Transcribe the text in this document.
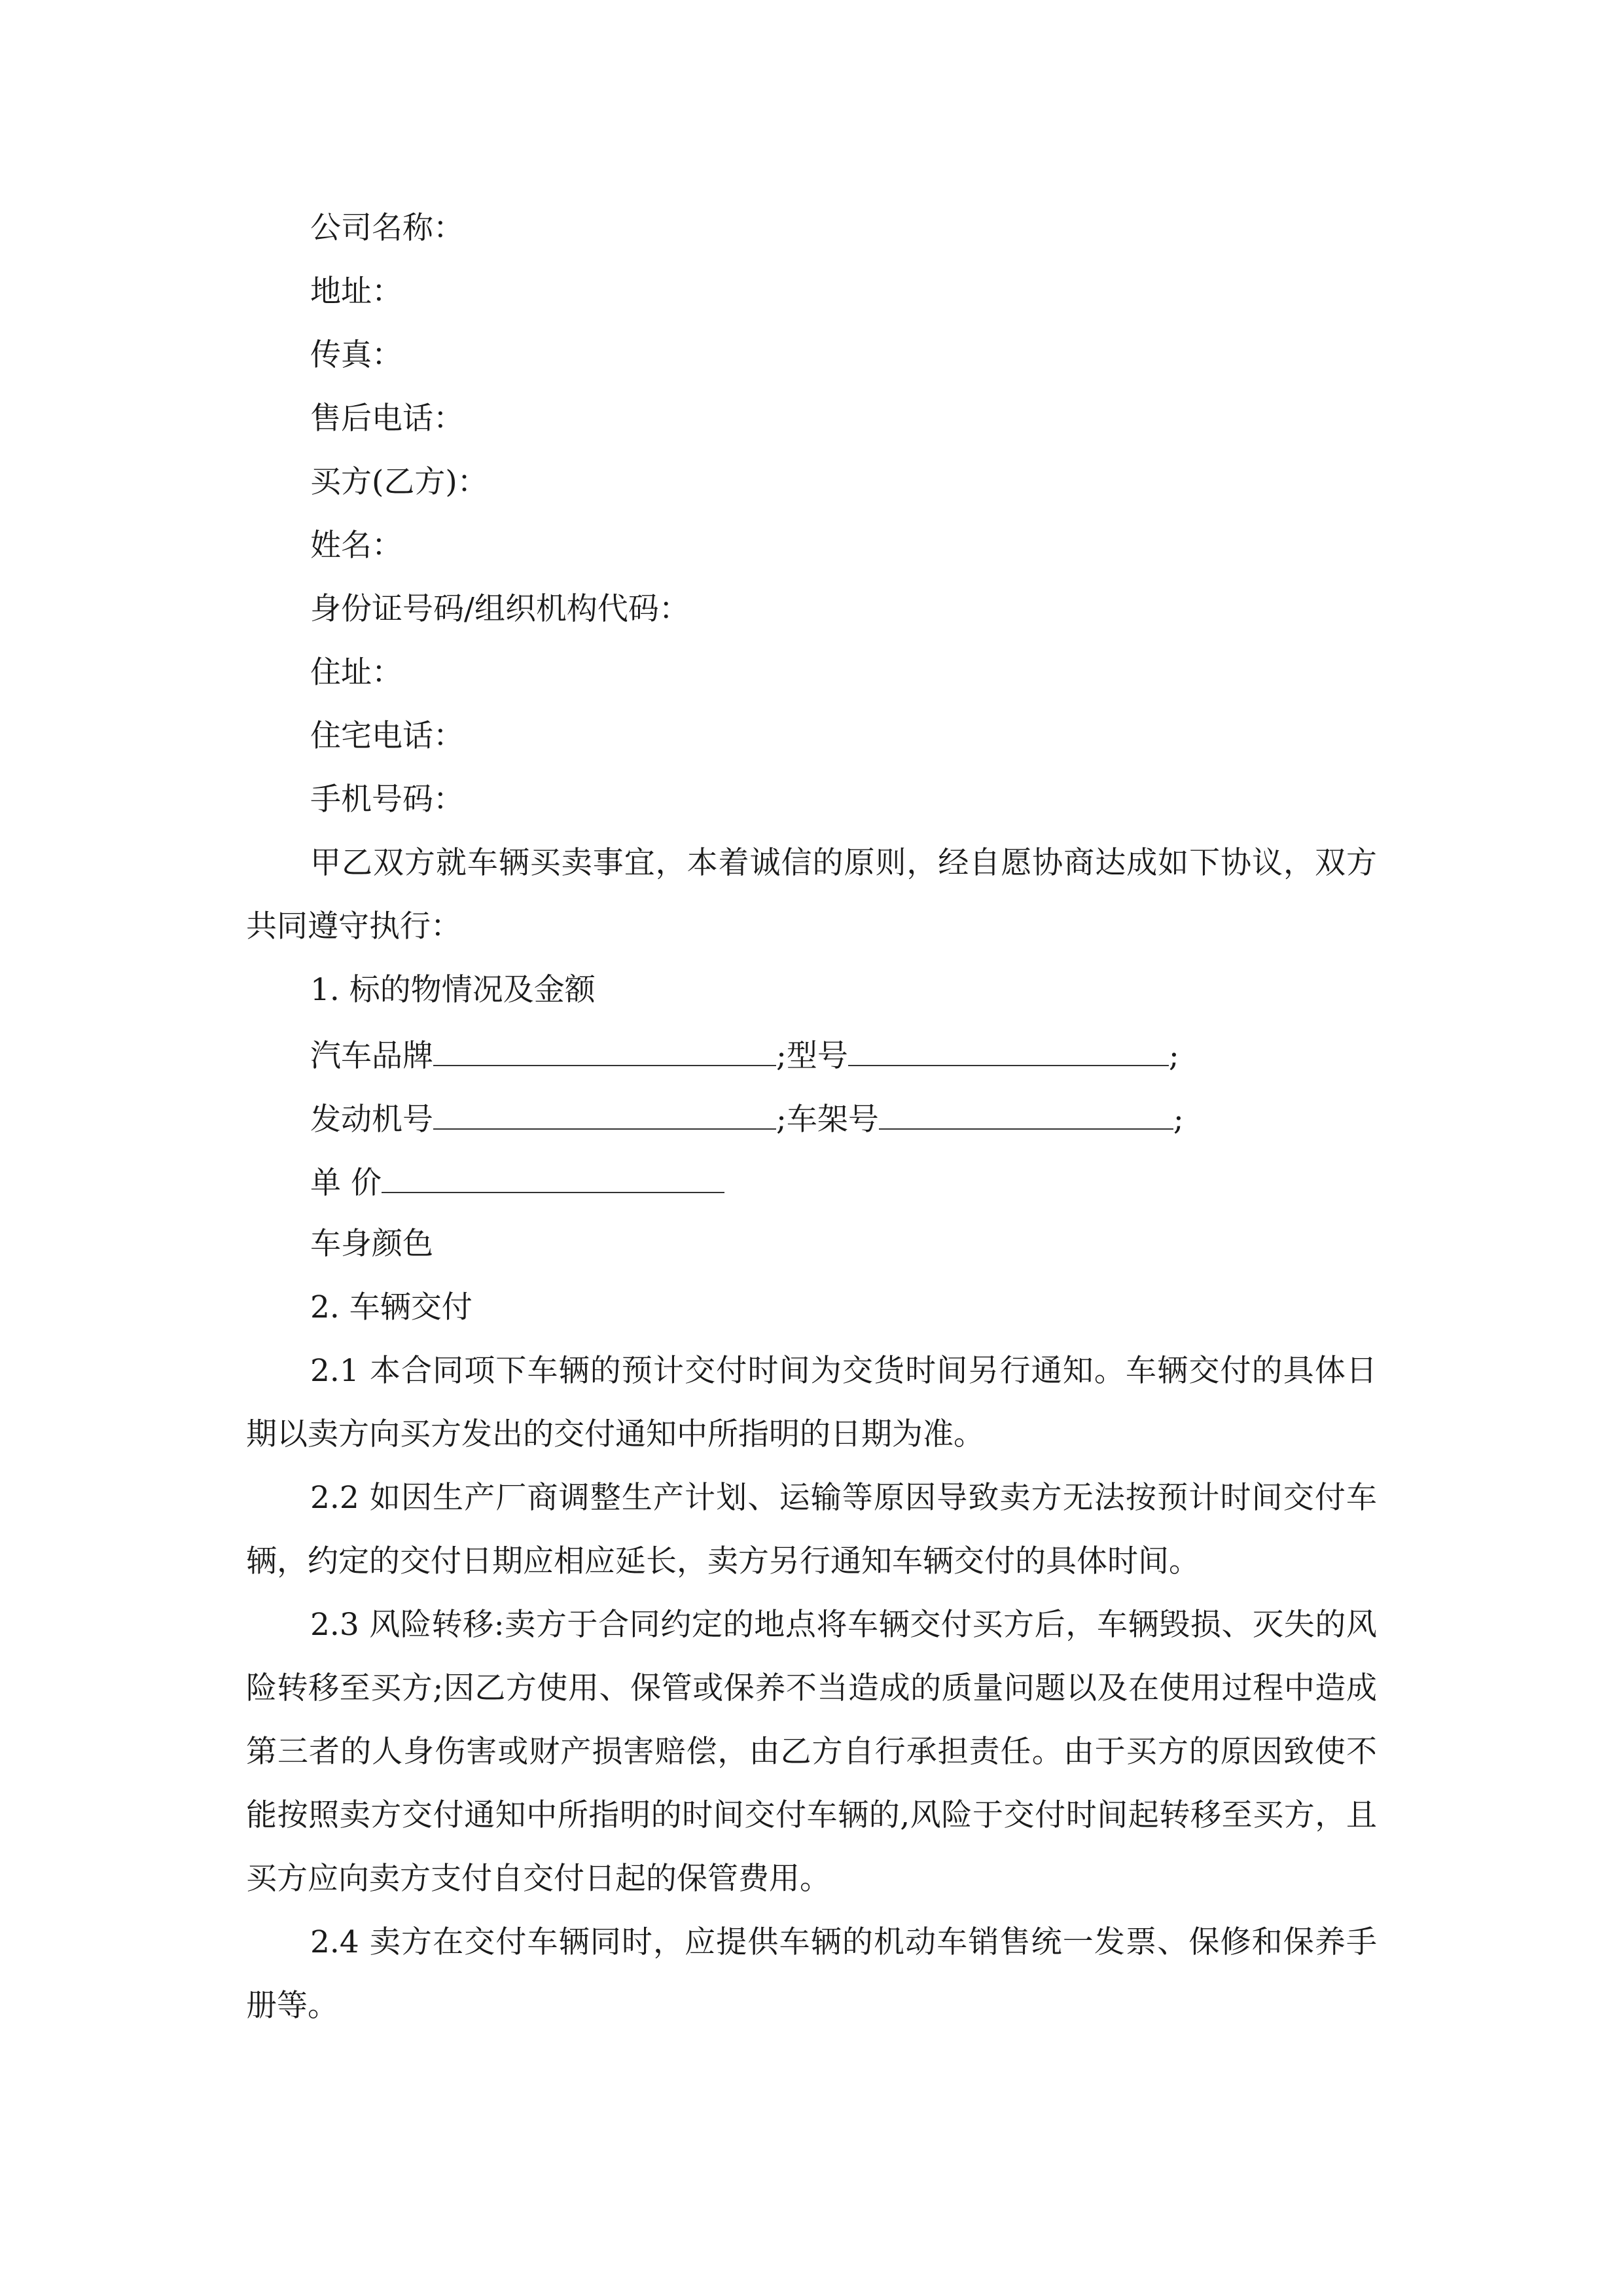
公司名称：
地址：
传真：
售后电话：
买方(乙方)：
姓名：
身份证号码/组织机构代码：
住址：
住宅电话：
手机号码：

甲乙双方就车辆买卖事宜，本着诚信的原则，经自愿协商达成如下协议，双方共同遵守执行：

1. 标的物情况及金额
汽车品牌	;型号	;
发动机号	;车架号	;
单 价
车身颜色
2. 车辆交付

2.1 本合同项下车辆的预计交付时间为交货时间另行通知。车辆交付的具体日期以卖方向买方发出的交付通知中所指明的日期为准。

2.2 如因生产厂商调整生产计划、运输等原因导致卖方无法按预计时间交付车辆，约定的交付日期应相应延长，卖方另行通知车辆交付的具体时间。

2.3 风险转移:卖方于合同约定的地点将车辆交付买方后，车辆毁损、灭失的风险转移至买方;因乙方使用、保管或保养不当造成的质量问题以及在使用过程中造成第三者的人身伤害或财产损害赔偿，由乙方自行承担责任。由于买方的原因致使不能按照卖方交付通知中所指明的时间交付车辆的,风险于交付时间起转移至买方，且买方应向卖方支付自交付日起的保管费用。

2.4 卖方在交付车辆同时，应提供车辆的机动车销售统一发票、保修和保养手册等。
